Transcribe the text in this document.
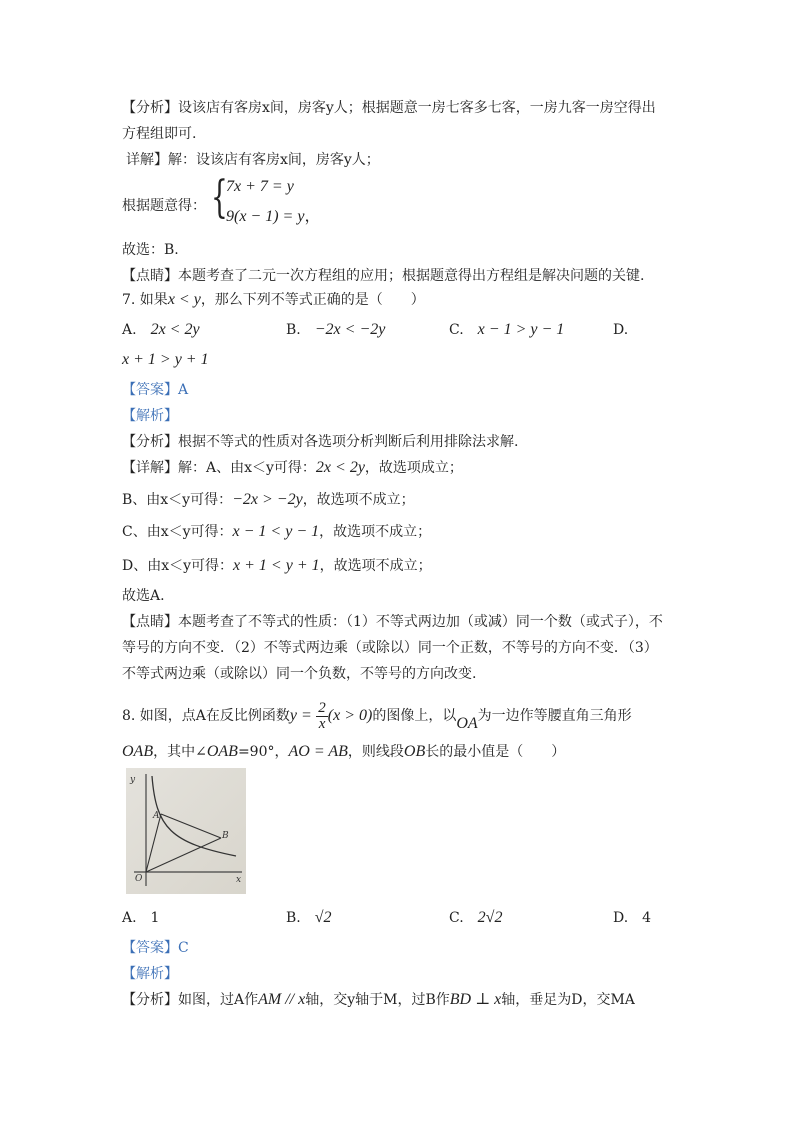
【分析】设该店有客房x间，房客y人；根据题意一房七客多七客，一房九客一房空得出
方程组即可.
详解】解：设该店有客房x间，房客y人；
根据题意得： {
7x + 7 = y
9(x − 1) = y，
故选：B.
【点睛】本题考查了二元一次方程组的应用；根据题意得出方程组是解决问题的关键.
7. 如果x < y，那么下列不等式正确的是（　　）
A.　 2x < 2y	B.　 −2x < −2y	C.　 x − 1 > y − 1	D.
x + 1 > y + 1
【答案】A
【解析】
【分析】根据不等式的性质对各选项分析判断后利用排除法求解.
【详解】解：A、由x＜y可得：2x < 2y，故选项成立；
B、由x＜y可得：−2x > −2y，故选项不成立；
C、由x＜y可得：x − 1 < y − 1，故选项不成立；
D、由x＜y可得：x + 1 < y + 1，故选项不成立；
故选A.
【点睛】本题考查了不等式的性质：（1）不等式两边加（或减）同一个数（或式子），不
等号的方向不变．（2）不等式两边乘（或除以）同一个正数，不等号的方向不变．（3）
不等式两边乘（或除以）同一个负数，不等号的方向改变.
8. 如图，点A在反比例函数$y = \frac{2}{x} (x > 0)$的图像上，以OA为一边作等腰直角三角形
OAB，其中∠OAB=90°，AO = AB，则线段OB长的最小值是（　　）
y
x
O
A
B
A.　1	B.　 √2	C.　 2√2	D.　4
【答案】C
【解析】
【分析】如图，过A作AM // x轴，交y轴于M，过B作BD ⊥ x轴，垂足为D，交MA
